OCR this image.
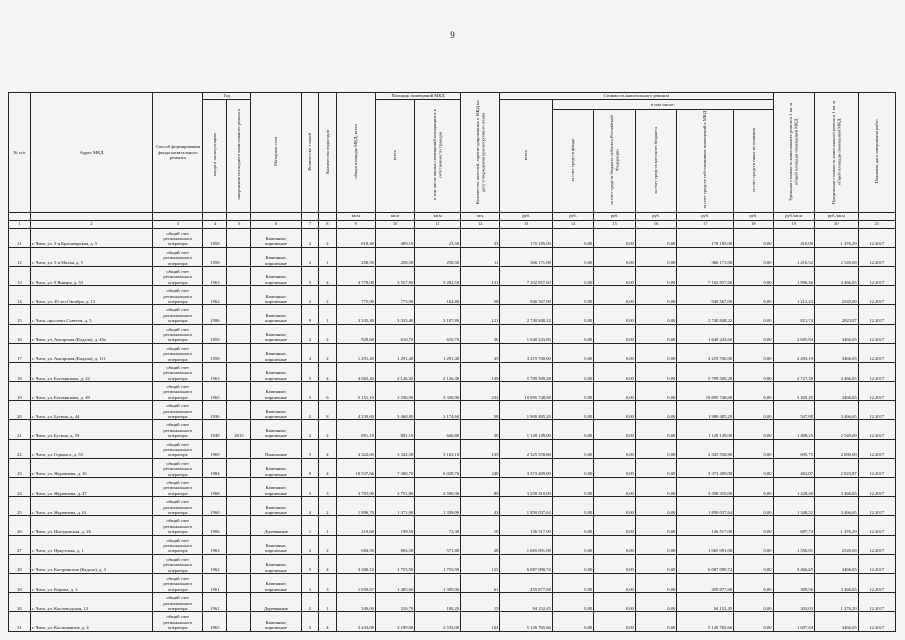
9
№ п/п	Адрес МКД	Способ формирования фонда капитального ремонта	Год		Материал стен	Количество этажей	Количество подъездов	общая площадь МКД, всего	Площадь помещений МКД		Количество жителей, зарегистрированных в МКД на дату утверждения краткосрочного плана	Стоимость капитального ремонта						Удельная стоимость капитального ремонта 1 кв. м общей площади помещений МКД	Предельная стоимость капитального ремонта 1 кв. м общей площади помещений МКД	Плановая дата завершения работ
			ввода в эксплуатацию	завершения последнего капитального ремонта					всего	в том числе жилых помещений находящихся в собственности граждан		всего	в том числе:							
													за счет средств фонда	за счет средств бюджета субъекта Российской Федерации	за счет средств местного бюджета	за счет средств собственников помещений в МКД	за счет средств иных источников			
								кв.м	кв.м	кв.м	чел.	руб.	руб.	руб.	руб.	руб.	руб.	руб./кв.м	руб./кв.м	
1	2	3	4	5	6	7	8	9	10	11	12	13	14	15	16	17	18	19	20	21
11	г. Чита, ул. 3-я Красноярская, д. 5	общий счет
регионального
оператора	1958		Каменные,
кирпичные	2	2	618,40	409,10	23,50	33	170 185,00	0,00	0,00	0,00	170 185,00	0,00	416,00	1 276,29	12.2017
12	г. Чита, ул. 5-я Малая, д. 5	общий счет
регионального
оператора	1958		Каменные,
кирпичные	2	1	258,50	258,50	258,50	11	366 171,08	0,00	0,00	0,00	366 171,08	0,00	1 416,52	2 545,69	12.2017
13	г. Чита, ул. 9 Января, д. 53	общий счет
регионального
оператора	1963		Каменные,
кирпичные	5	4	4 779,00	3 557,90	3 282,50	131	7 102 857,60	0,00	0,00	0,00	7 102 857,60	0,00	1 996,36	3 466,65	12.2017
14	г. Чита, ул. 40 лет Октября, д. 13	общий счет
регионального
оператора	1962		Каменные,
кирпичные	2	2	775,90	775,90	164,80	58	940 567,00	0,00	0,00	0,00	940 567,00	0,00	1 212,23	2545,69	12.2017
15	г. Чита, проспект Советов, д. 5	общий счет
регионального
оператора	1986		Каменные,
кирпичные	9	1	3 335,40	3 335,40	3 107,80	121	2 740 848,22	0,00	0,00	0,00	2 740 848,22	0,00	821,74	2823,87	12.2017
16	г. Чита, ул. Ангарская (Кадала), д. 45а	общий счет
регионального
оператора	1959		Каменные,
кирпичные	2	2	920,60	610,70	610,70	36	1 640 243,60	0,00	0,00	0,00	1 640 243,60	0,00	2 685,84	3466,65	12.2017
17	г. Чита, ул. Ангарская (Кадала), д. 111	общий счет
регионального
оператора	1958		Каменные,
кирпичные	4	2	1 291,40	1 291,40	1 291,40	45	3 219 700,00	0,00	0,00	0,00	3 219 700,00	0,00	2 493,19	3466,65	12.2017
18	г. Чита, ул. Богомягкова, д. 22	общий счет
регионального
оператора	1963		Каменные,
кирпичные	5	4	4 065,40	2 126,40	2 126,40	149	5 799 509,28	0,00	0,00	0,00	5 799 509,28	0,00	2 727,38	3 466,65	12.2017
19	г. Чита, ул. Богомягкова, д. 49	общий счет
регионального
оператора	1965		Каменные,
кирпичные	5	6	5 151,10	3 336,90	3 336,90	232	10 695 748,68	0,00	0,00	0,00	10 695 748,68	0,00	3 205,29	3466,65	12.2017
20	г. Чита, ул. Бутина, д. 44	общий счет
регионального
оператора	1936		Каменные,
кирпичные	2	8	4 239,60	3 468,80	2 174,60	58	1 900 485,20	0,00	0,00	0,00	1 900 485,20	0,00	547,88	3 466,65	12.2017
21	г. Чита, ул. Бутина, д. 59	общий счет
регионального
оператора	1949	2015	Каменные,
кирпичные	2	2	801,10	801,10	640,80	30	1 128 149,00	0,00	0,00	0,00	1 128 149,00	0,00	1 408,25	2 545,69	12.2017
22	г. Чита, ул. Горького, д. 55	общий счет
регионального
оператора	1969		Панельные	5	4	4 322,60	3 342,50	3 163,10	135	2 325 558,80	0,00	0,00	0,00	2 325 558,80	0,00	695,75	2 690,00	12.2017
23	г. Чита, ул. Журавлева, д. 16	общий счет
регионального
оператора	1984		Каменные,
кирпичные	9	4	10 537,66	7 300,70	6 028,70	240	3 373 409,00	0,00	0,00	0,00	3 373 409,00	0,00	462,07	2 823,87	12.2017
24	г. Чита, ул. Журавлева, д. 47	общий счет
регионального
оператора	1968		Каменные,
кирпичные	5	3	3 701,90	2 751,80	2 590,30	89	3 358 310,00	0,00	0,00	0,00	3 358 310,00	0,00	1 220,40	3 466,65	12.2017
25	г. Чита, ул. Журавлева, д. 61	общий счет
регионального
оператора	1960		Каменные,
кирпичные	4	2	1 896,70	1 371,90	1 339,00	43	1 850 037,64	0,00	0,00	0,00	1 850 037,64	0,00	1 348,52	3 466,65	12.2017
26	г. Чита, ул. Ингодинская, д. 26	общий счет
регионального
оператора	1906		Деревянные	1	1	219,60	198,50	72,30	10	136 517,00	0,00	0,00	0,00	136 517,00	0,00	687,74	1 276,29	12.2017
27	г. Чита, ул. Иркутская, д. 1	общий счет
регионального
оператора	1963		Каменные,
кирпичные	2	2	684,50	684,50	571,80	28	1 065 091,08	0,00	0,00	0,00	1 065 091,08	0,00	1 556,01	2545,69	12.2017
28	г. Чита, ул. Кастринская (Кадала), д. 3	общий счет
регионального
оператора	1962		Каменные,
кирпичные	5	4	3 300,10	1 755,90	1 755,90	155	6 087 090,74	0,00	0,00	0,00	6 087 090,74	0,00	3 466,65	3466,65	12.2017
29	г. Чита, ул. Кирова, д. 3	общий счет
регионального
оператора	1961		Каменные,
кирпичные	3	3	1 650,67	1 485,60	1 309,00	61	459 877,68	0,00	0,00	0,00	459 877,68	0,00	309,56	3 466,65	12.2017
30	г. Чита, ул. Кисловодская, 13	общий счет
регионального
оператора	1961		Деревянные	2	1	349,00	310,70	180,20	15	94 152,45	0,00	0,00	0,00	94 152,45	0,00	303,03	1 276,29	12.2017
31	г. Чита, ул. Космонавтов, д. 4	общий счет
регионального
оператора	1965		Каменные,
кирпичные	5	4	3 433,00	3 189,00	2 533,00	104	5 126 765,66	0,00	0,00	0,00	5 126 765,66	0,00	1 607,64	3466,65	12.2017
